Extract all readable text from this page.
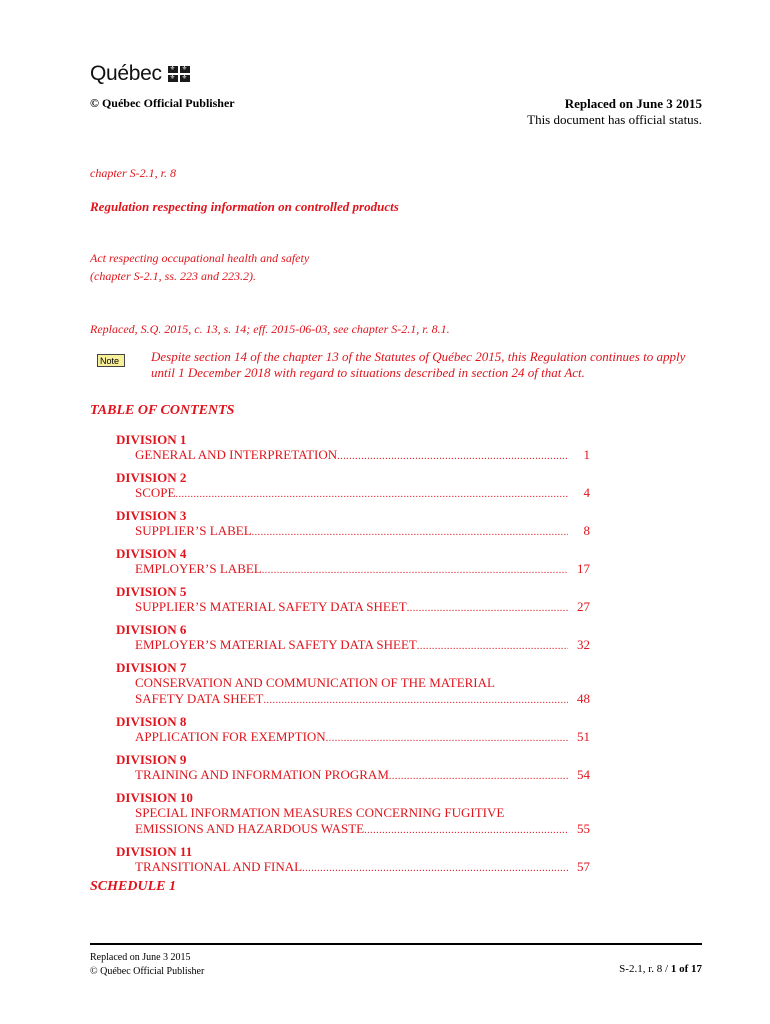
Québec ⚜ ⚜
⚜ ⚜
© Québec Official Publisher	Replaced on June 3 2015
This document has official status.
chapter S-2.1, r. 8
Regulation respecting information on controlled products
Act respecting occupational health and safety
(chapter S-2.1, ss. 223 and 223.2).
Replaced, S.Q. 2015, c. 13, s. 14; eff. 2015-06-03, see chapter S-2.1, r. 8.1.
Note	Despite section 14 of the chapter 13 of the Statutes of Québec 2015, this Regulation continues to apply until 1 December 2018 with regard to situations described in section 24 of that Act.
TABLE OF CONTENTS
DIVISION 1
GENERAL AND INTERPRETATION .....	1
DIVISION 2
SCOPE .....	4
DIVISION 3
SUPPLIER’S LABEL .....	8
DIVISION 4
EMPLOYER’S LABEL .....	17
DIVISION 5
SUPPLIER’S MATERIAL SAFETY DATA SHEET .....	27
DIVISION 6
EMPLOYER’S MATERIAL SAFETY DATA SHEET .....	32
DIVISION 7
CONSERVATION AND COMMUNICATION OF THE MATERIAL
SAFETY DATA SHEET .....	48
DIVISION 8
APPLICATION FOR EXEMPTION .....	51
DIVISION 9
TRAINING AND INFORMATION PROGRAM .....	54
DIVISION 10
SPECIAL INFORMATION MEASURES CONCERNING FUGITIVE
EMISSIONS AND HAZARDOUS WASTE .....	55
DIVISION 11
TRANSITIONAL AND FINAL .....	57
SCHEDULE 1
Replaced on June 3 2015
© Québec Official Publisher	S-2.1, r. 8 / 1 of 17
